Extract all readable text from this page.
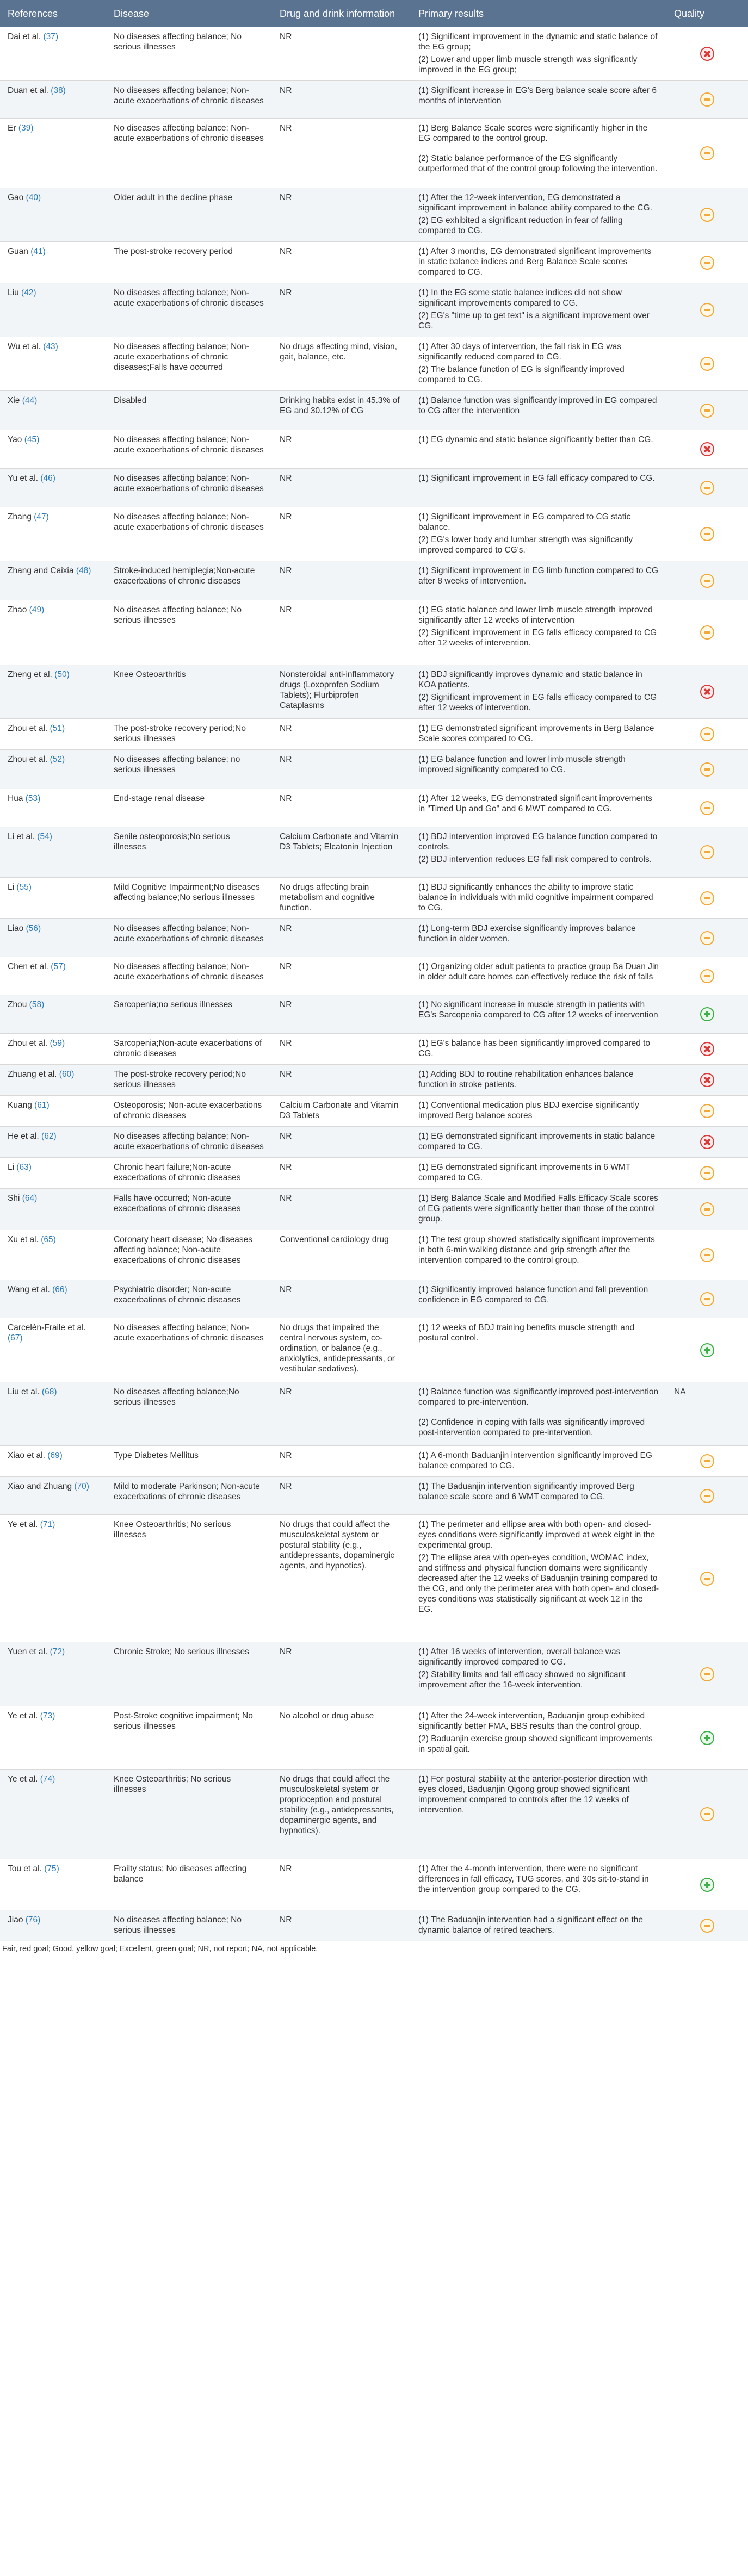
References	Disease	Drug and drink information	Primary results	Quality
Dai et al. (37)	No diseases affecting balance; No serious illnesses	NR	(1) Significant improvement in the dynamic and static balance of the EG group;

(2) Lower and upper limb muscle strength was significantly improved in the EG group;	

Duan et al. (38)	No diseases affecting balance; Non-acute exacerbations of chronic diseases	NR	(1) Significant increase in EG's Berg balance scale score after 6 months of intervention	

Er (39)	No diseases affecting balance; Non-acute exacerbations of chronic diseases	NR	(1) Berg Balance Scale scores were significantly higher in the EG compared to the control group.

(2) Static balance performance of the EG significantly outperformed that of the control group following the intervention.	

Gao (40)	Older adult in the decline phase	NR	(1) After the 12-week intervention, EG demonstrated a significant improvement in balance ability compared to the CG.

(2) EG exhibited a significant reduction in fear of falling compared to CG.	

Guan (41)	The post-stroke recovery period	NR	(1) After 3 months, EG demonstrated significant improvements in static balance indices and Berg Balance Scale scores compared to CG.	

Liu (42)	No diseases affecting balance; Non-acute exacerbations of chronic diseases	NR	(1) In the EG some static balance indices did not show significant improvements compared to CG.

(2) EG's "time up to get text" is a significant improvement over CG.	

Wu et al. (43)	No diseases affecting balance; Non-acute exacerbations of chronic diseases;Falls have occurred	No drugs affecting mind, vision, gait, balance, etc.	(1) After 30 days of intervention, the fall risk in EG was significantly reduced compared to CG.

(2) The balance function of EG is significantly improved compared to CG.	

Xie (44)	Disabled	Drinking habits exist in 45.3% of EG and 30.12% of CG	(1) Balance function was significantly improved in EG compared to CG after the intervention	

Yao (45)	No diseases affecting balance; Non-acute exacerbations of chronic diseases	NR	(1) EG dynamic and static balance significantly better than CG.	

Yu et al. (46)	No diseases affecting balance; Non-acute exacerbations of chronic diseases	NR	(1) Significant improvement in EG fall efficacy compared to CG.	

Zhang (47)	No diseases affecting balance; Non-acute exacerbations of chronic diseases	NR	(1) Significant improvement in EG compared to CG static balance.

(2) EG's lower body and lumbar strength was significantly improved compared to CG's.	

Zhang and Caixia (48)	Stroke-induced hemiplegia;Non-acute exacerbations of chronic diseases	NR	(1) Significant improvement in EG limb function compared to CG after 8 weeks of intervention.	

Zhao (49)	No diseases affecting balance; No serious illnesses	NR	(1) EG static balance and lower limb muscle strength improved significantly after 12 weeks of intervention

(2) Significant improvement in EG falls efficacy compared to CG after 12 weeks of intervention.	

Zheng et al. (50)	Knee Osteoarthritis	Nonsteroidal anti-inflammatory drugs (Loxoprofen Sodium Tablets); Flurbiprofen Cataplasms	(1) BDJ significantly improves dynamic and static balance in KOA patients.

(2) Significant improvement in EG falls efficacy compared to CG after 12 weeks of intervention.	

Zhou et al. (51)	The post-stroke recovery period;No serious illnesses	NR	(1) EG demonstrated significant improvements in Berg Balance Scale scores compared to CG.	

Zhou et al. (52)	No diseases affecting balance; no serious illnesses	NR	(1) EG balance function and lower limb muscle strength improved significantly compared to CG.	

Hua (53)	End-stage renal disease	NR	(1) After 12 weeks, EG demonstrated significant improvements in "Timed Up and Go" and 6 MWT compared to CG.	

Li et al. (54)	Senile osteoporosis;No serious illnesses	Calcium Carbonate and Vitamin D3 Tablets; Elcatonin Injection	(1) BDJ intervention improved EG balance function compared to controls.

(2) BDJ intervention reduces EG fall risk compared to controls.	

Li (55)	Mild Cognitive Impairment;No diseases affecting balance;No serious illnesses	No drugs affecting brain metabolism and cognitive function.	(1) BDJ significantly enhances the ability to improve static balance in individuals with mild cognitive impairment compared to CG.	

Liao (56)	No diseases affecting balance; Non-acute exacerbations of chronic diseases	NR	(1) Long-term BDJ exercise significantly improves balance function in older women.	

Chen et al. (57)	No diseases affecting balance; Non-acute exacerbations of chronic diseases	NR	(1) Organizing older adult patients to practice group Ba Duan Jin in older adult care homes can effectively reduce the risk of falls	

Zhou (58)	Sarcopenia;no serious illnesses	NR	(1) No significant increase in muscle strength in patients with EG's Sarcopenia compared to CG after 12 weeks of intervention	

Zhou et al. (59)	Sarcopenia;Non-acute exacerbations of chronic diseases	NR	(1) EG's balance has been significantly improved compared to CG.	

Zhuang et al. (60)	The post-stroke recovery period;No serious illnesses	NR	(1) Adding BDJ to routine rehabilitation enhances balance function in stroke patients.	

Kuang (61)	Osteoporosis; Non-acute exacerbations of chronic diseases	Calcium Carbonate and Vitamin D3 Tablets	(1) Conventional medication plus BDJ exercise significantly improved Berg balance scores	

He et al. (62)	No diseases affecting balance; Non-acute exacerbations of chronic diseases	NR	(1) EG demonstrated significant improvements in static balance compared to CG.	

Li (63)	Chronic heart failure;Non-acute exacerbations of chronic diseases	NR	(1) EG demonstrated significant improvements in 6 WMT compared to CG.	

Shi (64)	Falls have occurred; Non-acute exacerbations of chronic diseases	NR	(1) Berg Balance Scale and Modified Falls Efficacy Scale scores of EG patients were significantly better than those of the control group.	

Xu et al. (65)	Coronary heart disease; No diseases affecting balance; Non-acute exacerbations of chronic diseases	Conventional cardiology drug	(1) The test group showed statistically significant improvements in both 6-min walking distance and grip strength after the intervention compared to the control group.	

Wang et al. (66)	Psychiatric disorder; Non-acute exacerbations of chronic diseases	NR	(1) Significantly improved balance function and fall prevention confidence in EG compared to CG.	

Carcelén-Fraile et al. (67)	No diseases affecting balance; Non-acute exacerbations of chronic diseases	No drugs that impaired the central nervous system, co-ordination, or balance (e.g., anxiolytics, antidepressants, or vestibular sedatives).	(1) 12 weeks of BDJ training benefits muscle strength and postural control.	

Liu et al. (68)	No diseases affecting balance;No serious illnesses	NR	(1) Balance function was significantly improved post-intervention compared to pre-intervention.

(2) Confidence in coping with falls was significantly improved post-intervention compared to pre-intervention.	NA

Xiao et al. (69)	Type Diabetes Mellitus	NR	(1) A 6-month Baduanjin intervention significantly improved EG balance compared to CG.	

Xiao and Zhuang (70)	Mild to moderate Parkinson; Non-acute exacerbations of chronic diseases	NR	(1) The Baduanjin intervention significantly improved Berg balance scale score and 6 WMT compared to CG.	

Ye et al. (71)	Knee Osteoarthritis; No serious illnesses	No drugs that could affect the musculoskeletal system or postural stability (e.g., antidepressants, dopaminergic agents, and hypnotics).	(1) The perimeter and ellipse area with both open- and closed-eyes conditions were significantly improved at week eight in the experimental group.

(2) The ellipse area with open-eyes condition, WOMAC index, and stiffness and physical function domains were significantly decreased after the 12 weeks of Baduanjin training compared to the CG, and only the perimeter area with both open- and closed-eyes conditions was statistically significant at week 12 in the EG.	

Yuen et al. (72)	Chronic Stroke; No serious illnesses	NR	(1) After 16 weeks of intervention, overall balance was significantly improved compared to CG.

(2) Stability limits and fall efficacy showed no significant improvement after the 16-week intervention.	

Ye et al. (73)	Post-Stroke cognitive impairment; No serious illnesses	No alcohol or drug abuse	(1) After the 24-week intervention, Baduanjin group exhibited significantly better FMA, BBS results than the control group.

(2) Baduanjin exercise group showed significant improvements in spatial gait.	

Ye et al. (74)	Knee Osteoarthritis; No serious illnesses	No drugs that could affect the musculoskeletal system or proprioception and postural stability (e.g., antidepressants, dopaminergic agents, and hypnotics).	(1) For postural stability at the anterior-posterior direction with eyes closed, Baduanjin Qigong group showed significant improvement compared to controls after the 12 weeks of intervention.	

Tou et al. (75)	Frailty status; No diseases affecting balance	NR	(1) After the 4-month intervention, there were no significant differences in fall efficacy, TUG scores, and 30s sit-to-stand in the intervention group compared to the CG.	

Jiao (76)	No diseases affecting balance; No serious illnesses	NR	(1) The Baduanjin intervention had a significant effect on the dynamic balance of retired teachers.	

Fair, red goal; Good, yellow goal; Excellent, green goal; NR, not report; NA, not applicable.
